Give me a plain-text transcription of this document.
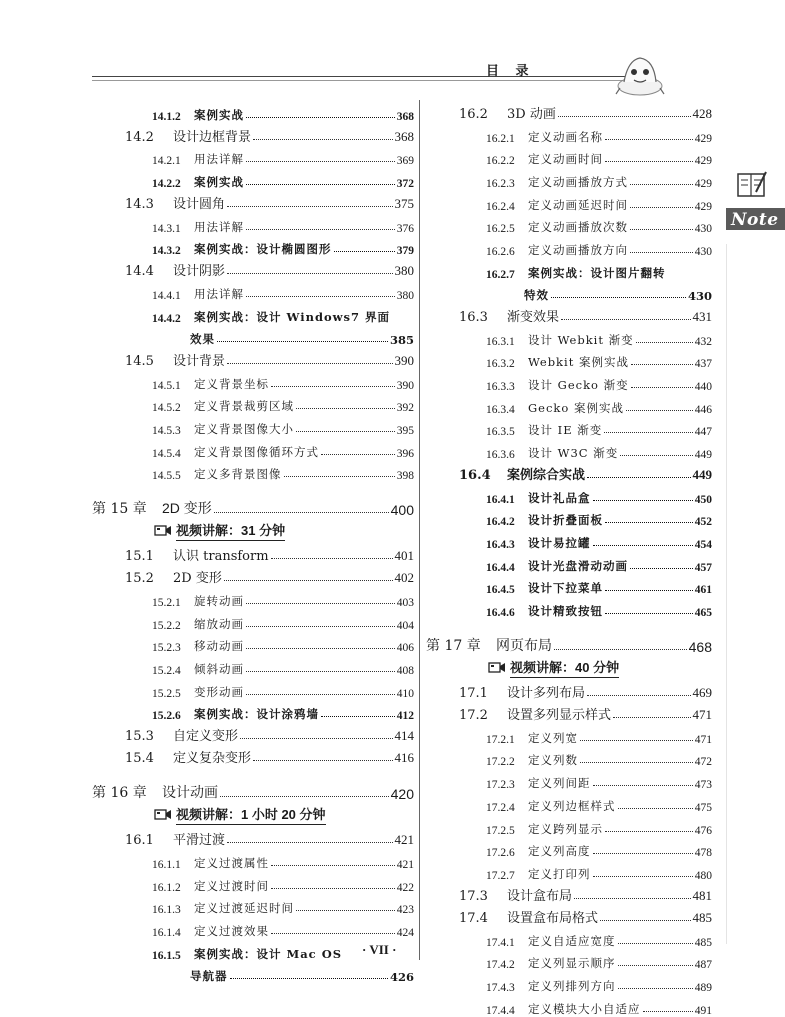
目 录
Note
14.1.2	案例实战	368
14.2	设计边框背景	368
14.2.1	用法详解	369
14.2.2	案例实战	372
14.3	设计圆角	375
14.3.1	用法详解	376
14.3.2	案例实战：设计椭圆图形	379
14.4	设计阴影	380
14.4.1	用法详解	380
14.4.2	案例实战：设计 Windows7 界面
效果	385
14.5	设计背景	390
14.5.1	定义背景坐标	390
14.5.2	定义背景裁剪区域	392
14.5.3	定义背景图像大小	395
14.5.4	定义背景图像循环方式	396
14.5.5	定义多背景图像	398
第 15 章	2D 变形	400
视频讲解：31 分钟
15.1	认识 transform	401
15.2	2D 变形	402
15.2.1	旋转动画	403
15.2.2	缩放动画	404
15.2.3	移动动画	406
15.2.4	倾斜动画	408
15.2.5	变形动画	410
15.2.6	案例实战：设计涂鸦墙	412
15.3	自定义变形	414
15.4	定义复杂变形	416
第 16 章	设计动画	420
视频讲解：1 小时 20 分钟
16.1	平滑过渡	421
16.1.1	定义过渡属性	421
16.1.2	定义过渡时间	422
16.1.3	定义过渡延迟时间	423
16.1.4	定义过渡效果	424
16.1.5	案例实战：设计 Mac OS
导航器	426
16.2	3D 动画	428
16.2.1	定义动画名称	429
16.2.2	定义动画时间	429
16.2.3	定义动画播放方式	429
16.2.4	定义动画延迟时间	429
16.2.5	定义动画播放次数	430
16.2.6	定义动画播放方向	430
16.2.7	案例实战：设计图片翻转
特效	430
16.3	渐变效果	431
16.3.1	设计 Webkit 渐变	432
16.3.2	Webkit 案例实战	437
16.3.3	设计 Gecko 渐变	440
16.3.4	Gecko 案例实战	446
16.3.5	设计 IE 渐变	447
16.3.6	设计 W3C 渐变	449
16.4	案例综合实战	449
16.4.1	设计礼品盒	450
16.4.2	设计折叠面板	452
16.4.3	设计易拉罐	454
16.4.4	设计光盘滑动动画	457
16.4.5	设计下拉菜单	461
16.4.6	设计精致按钮	465
第 17 章	网页布局	468
视频讲解：40 分钟
17.1	设计多列布局	469
17.2	设置多列显示样式	471
17.2.1	定义列宽	471
17.2.2	定义列数	472
17.2.3	定义列间距	473
17.2.4	定义列边框样式	475
17.2.5	定义跨列显示	476
17.2.6	定义列高度	478
17.2.7	定义打印列	480
17.3	设计盒布局	481
17.4	设置盒布局格式	485
17.4.1	定义自适应宽度	485
17.4.2	定义列显示顺序	487
17.4.3	定义列排列方向	489
17.4.4	定义模块大小自适应	491
· VII ·
